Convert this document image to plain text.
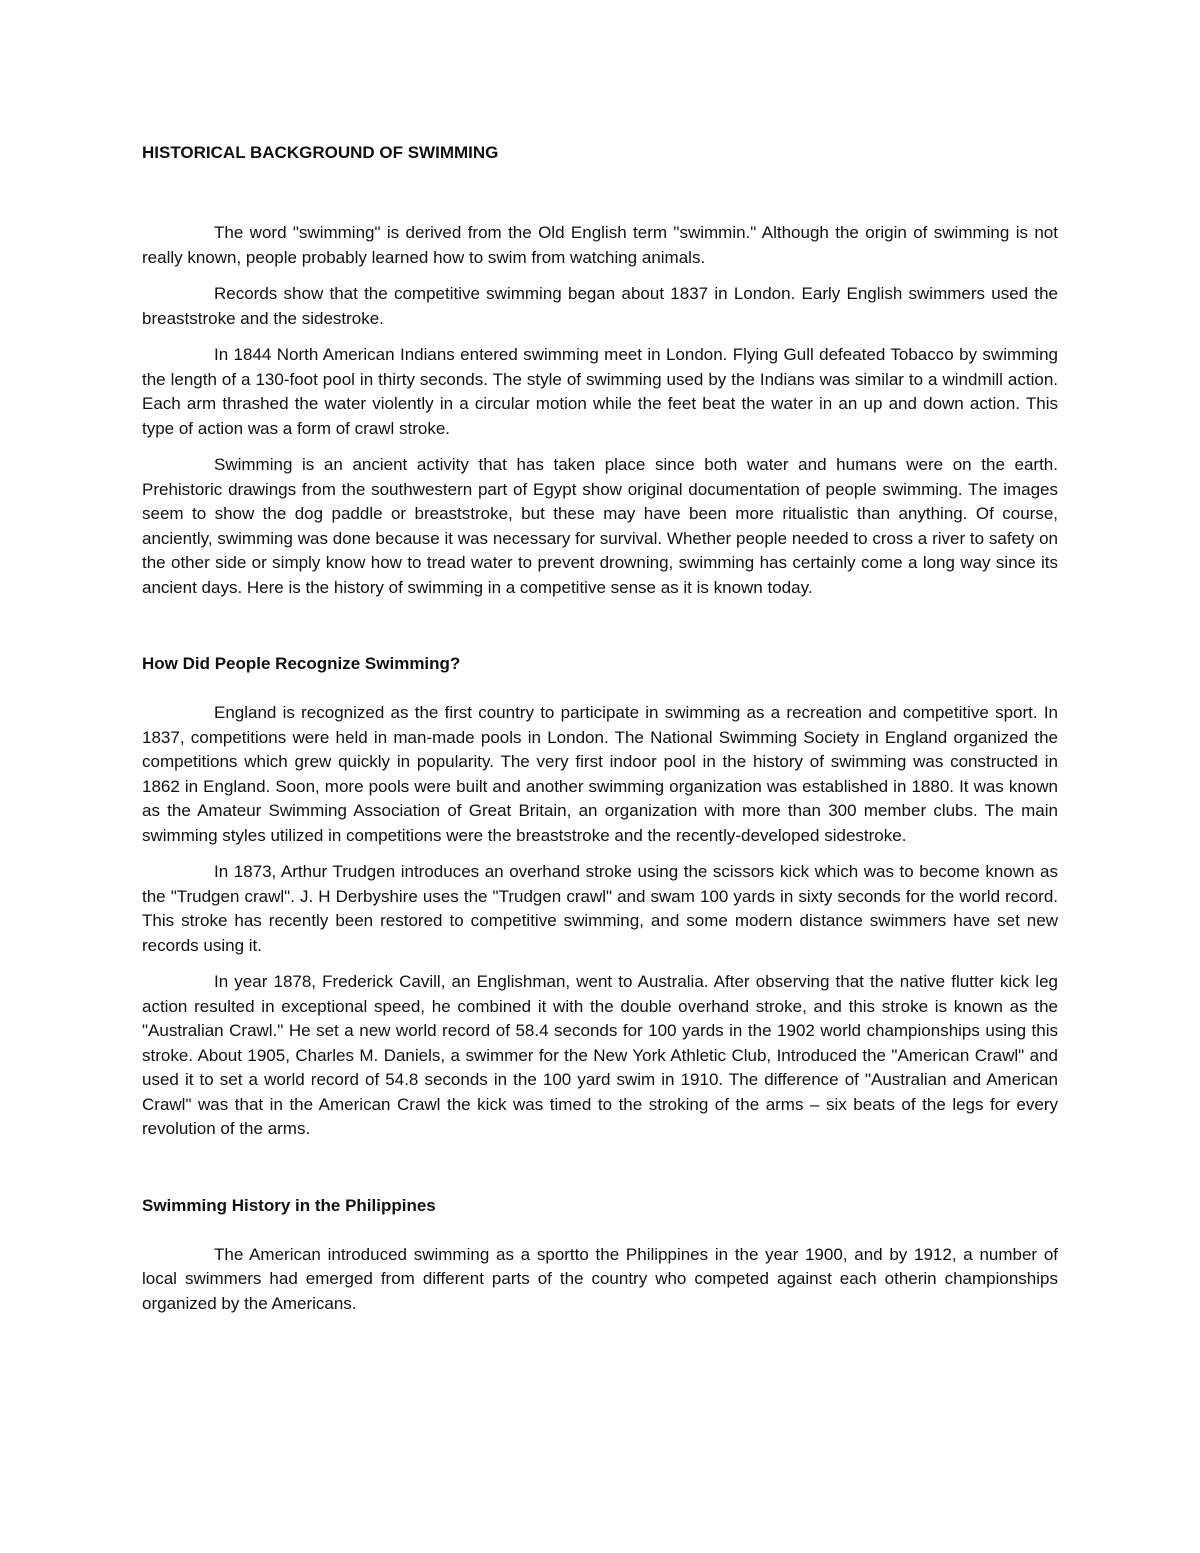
HISTORICAL BACKGROUND OF SWIMMING

The word "swimming" is derived from the Old English term "swimmin." Although the origin of swimming is not really known, people probably learned how to swim from watching animals.

Records show that the competitive swimming began about 1837 in London. Early English swimmers used the breaststroke and the sidestroke.

In 1844 North American Indians entered swimming meet in London. Flying Gull defeated Tobacco by swimming the length of a 130-foot pool in thirty seconds. The style of swimming used by the Indians was similar to a windmill action. Each arm thrashed the water violently in a circular motion while the feet beat the water in an up and down action. This type of action was a form of crawl stroke.

Swimming is an ancient activity that has taken place since both water and humans were on the earth. Prehistoric drawings from the southwestern part of Egypt show original documentation of people swimming. The images seem to show the dog paddle or breaststroke, but these may have been more ritualistic than anything. Of course, anciently, swimming was done because it was necessary for survival. Whether people needed to cross a river to safety on the other side or simply know how to tread water to prevent drowning, swimming has certainly come a long way since its ancient days. Here is the history of swimming in a competitive sense as it is known today.

How Did People Recognize Swimming?

England is recognized as the first country to participate in swimming as a recreation and competitive sport. In 1837, competitions were held in man-made pools in London. The National Swimming Society in England organized the competitions which grew quickly in popularity. The very first indoor pool in the history of swimming was constructed in 1862 in England. Soon, more pools were built and another swimming organization was established in 1880. It was known as the Amateur Swimming Association of Great Britain, an organization with more than 300 member clubs. The main swimming styles utilized in competitions were the breaststroke and the recently-developed sidestroke.

In 1873, Arthur Trudgen introduces an overhand stroke using the scissors kick which was to become known as the "Trudgen crawl". J. H Derbyshire uses the "Trudgen crawl" and swam 100 yards in sixty seconds for the world record. This stroke has recently been restored to competitive swimming, and some modern distance swimmers have set new records using it.

In year 1878, Frederick Cavill, an Englishman, went to Australia. After observing that the native flutter kick leg action resulted in exceptional speed, he combined it with the double overhand stroke, and this stroke is known as the "Australian Crawl." He set a new world record of 58.4 seconds for 100 yards in the 1902 world championships using this stroke. About 1905, Charles M. Daniels, a swimmer for the New York Athletic Club, Introduced the "American Crawl" and used it to set a world record of 54.8 seconds in the 100 yard swim in 1910. The difference of "Australian and American Crawl" was that in the American Crawl the kick was timed to the stroking of the arms – six beats of the legs for every revolution of the arms.

Swimming History in the Philippines

The American introduced swimming as a sportto the Philippines in the year 1900, and by 1912, a number of local swimmers had emerged from different parts of the country who competed against each otherin championships organized by the Americans.
